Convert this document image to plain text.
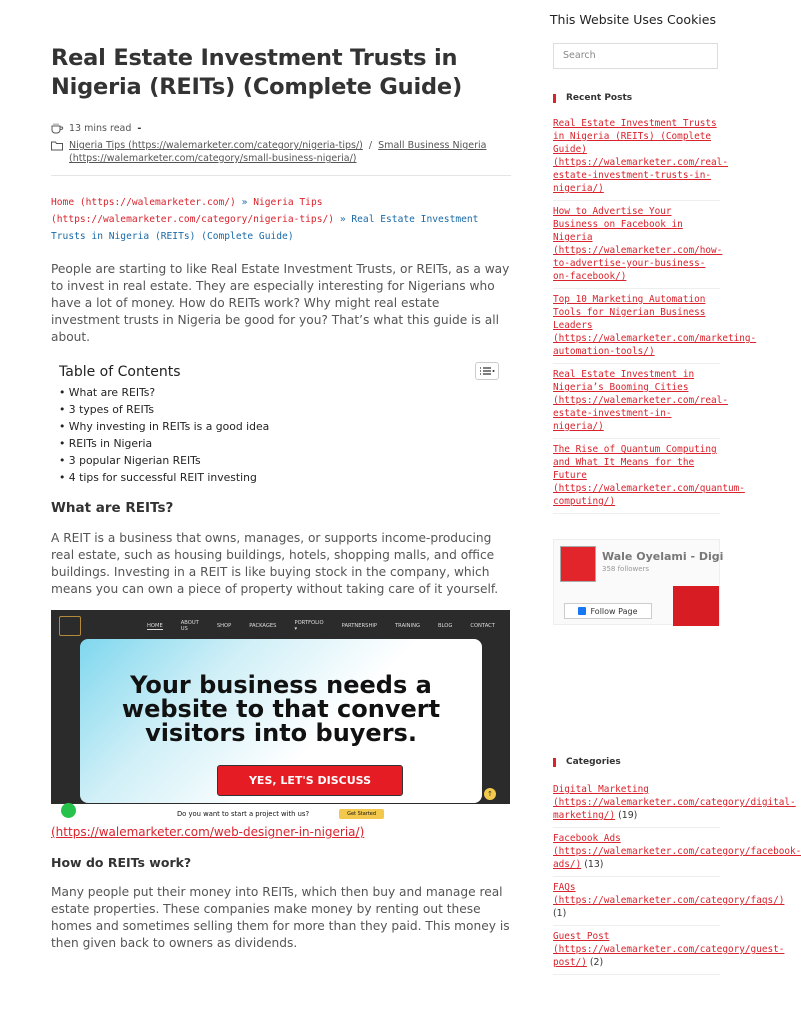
This Website Uses Cookies
Real Estate Investment Trusts in Nigeria (REITs) (Complete Guide)
13 mins read -
Nigeria Tips (https://walemarketer.com/category/nigeria-tips/) / Small Business Nigeria (https://walemarketer.com/category/small-business-nigeria/)
Home (https://walemarketer.com/) » Nigeria Tips (https://walemarketer.com/category/nigeria-tips/) » Real Estate Investment Trusts in Nigeria (REITs) (Complete Guide)

People are starting to like Real Estate Investment Trusts, or REITs, as a way to invest in real estate. They are especially interesting for Nigerians who have a lot of money. How do REITs work? Why might real estate investment trusts in Nigeria be good for you? That’s what this guide is all about.

Table of Contents
• What are REITs?
• 3 types of REITs
• Why investing in REITs is a good idea
• REITs in Nigeria
• 3 popular Nigerian REITs
• 4 tips for successful REIT investing
What are REITs?

A REIT is a business that owns, manages, or supports income-producing real estate, such as housing buildings, hotels, shopping malls, and office buildings. Investing in a REIT is like buying stock in the company, which means you can own a piece of property without taking care of it yourself.

HOME	ABOUT US	SHOP	PACKAGES	PORTFOLIO ▾	PARTNERSHIP	TRAINING	BLOG	CONTACT
Your business needs a
website to that convert
visitors into buyers.
YES, LET'S DISCUSS
Do you want to start a project with us?	Get Started
↑
(https://walemarketer.com/web-designer-in-nigeria/)
How do REITs work?

Many people put their money into REITs, which then buy and manage real estate properties. These companies make money by renting out these homes and sometimes selling them for more than they paid. This money is then given back to owners as dividends.

Search
Recent Posts
Real Estate Investment Trusts in Nigeria (REITs) (Complete Guide) (https://walemarketer.com/real-estate-investment-trusts-in-nigeria/)
How to Advertise Your Business on Facebook in Nigeria (https://walemarketer.com/how-to-advertise-your-business-on-facebook/)
Top 10 Marketing Automation Tools for Nigerian Business Leaders (https://walemarketer.com/marketing-automation-tools/)
Real Estate Investment in Nigeria’s Booming Cities (https://walemarketer.com/real-estate-investment-in-nigeria/)
The Rise of Quantum Computing and What It Means for the Future (https://walemarketer.com/quantum-computing/)
Wale Oyelami - Digi
358 followers
Follow Page
Categories
Digital Marketing (https://walemarketer.com/category/digital-marketing/) (19)
Facebook Ads (https://walemarketer.com/category/facebook-ads/) (13)
FAQs (https://walemarketer.com/category/faqs/) (1)
Guest Post (https://walemarketer.com/category/guest-post/) (2)
